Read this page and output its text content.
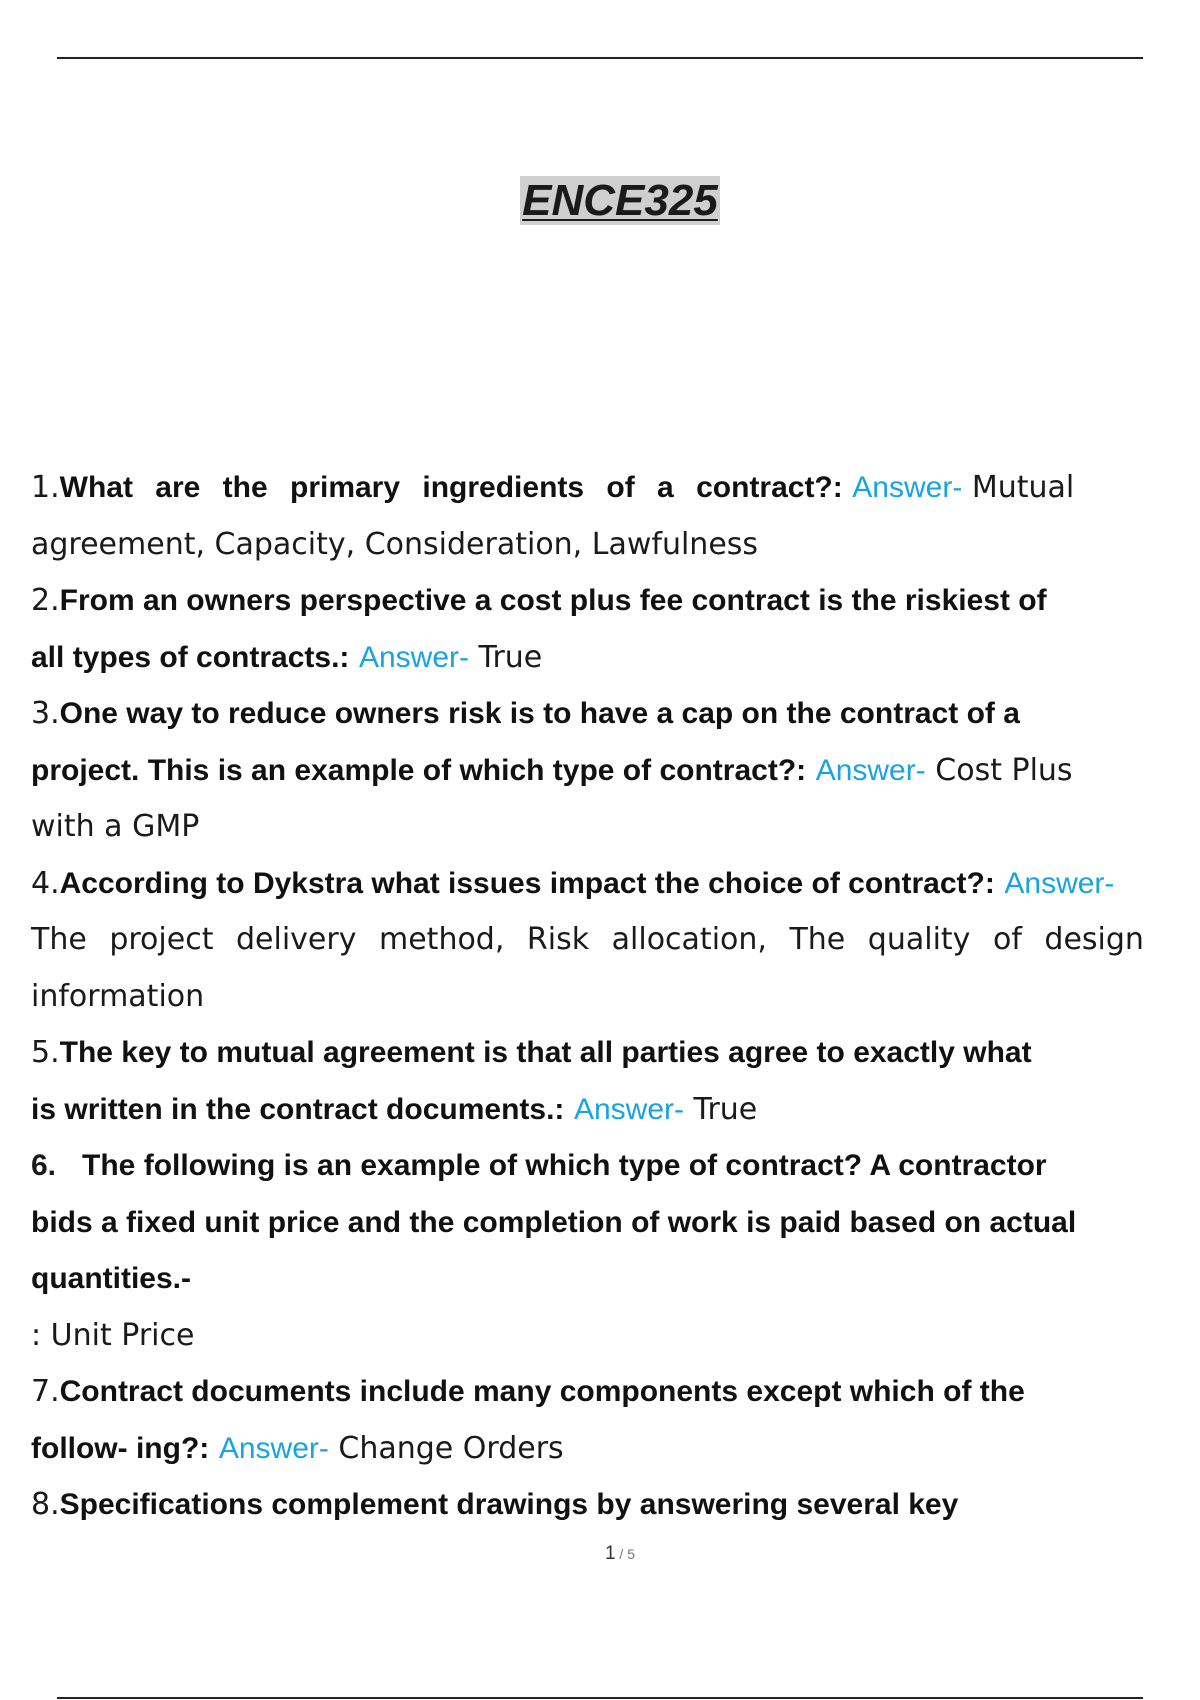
ENCE325
1.What are the primary ingredients of a contract?: Answer- Mutual
agreement, Capacity, Consideration, Lawfulness
2.From an owners perspective a cost plus fee contract is the riskiest of
all types of contracts.: Answer- True
3.One way to reduce owners risk is to have a cap on the contract of a
project. This is an example of which type of contract?: Answer- Cost Plus
with a GMP
4.According to Dykstra what issues impact the choice of contract?: Answer-
The project delivery method, Risk allocation, The quality of design
information
5.The key to mutual agreement is that all parties agree to exactly what
is written in the contract documents.: Answer- True
6. The following is an example of which type of contract? A contractor
bids a fixed unit price and the completion of work is paid based on actual
quantities.-
: Unit Price
7.Contract documents include many components except which of the
follow- ing?: Answer- Change Orders
8.Specifications complement drawings by answering several key
1 / 5
